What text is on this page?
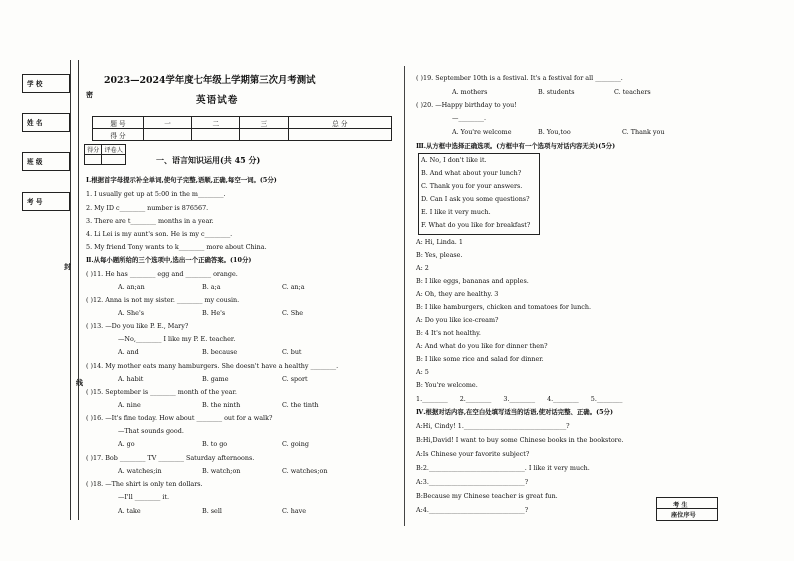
学 校
姓 名
班 级
考 号
密
封
线
2023—2024学年度七年级上学期第三次月考测试
英语试卷
题 号	一	二	三	总 分
得 分				
得分	评卷人

一、语言知识运用(共 45 分)
Ⅰ.根据首字母提示补全单词,使句子完整,语顺,正确,每空一词。(5分)
1. I usually get up at 5:00 in the m________.
2. My ID c________ number is 876567.
3. There are t________ months in a year.
4. Li Lei is my aunt's son. He is my c________.
5. My friend Tony wants to k________ more about China.
Ⅱ.从每小题所给的三个选项中,选出一个正确答案。(10分)
( )11. He has ________ egg and ________ orange.
A. an;an	B. a;a	C. an;a
( )12. Anna is not my sister. ________ my cousin.
A. She's	B. He's	C. She
( )13. —Do you like P. E., Mary?
—No,________ I like my P. E. teacher.
A. and	B. because	C. but
( )14. My mother eats many hamburgers. She doesn't have a healthy ________.
A. habit	B. game	C. sport
( )15. September is ________ month of the year.
A. nine	B. the ninth	C. the tinth
( )16. —It's fine today. How about ________ out for a walk?
—That sounds good.
A. go	B. to go	C. going
( )17. Bob ________ TV ________ Saturday afternoons.
A. watches;in	B. watch;on	C. watches;on
( )18. —The shirt is only ten dollars.
—I'll ________ it.
A. take	B. sell	C. have
( )19. September 10th is a festival. It's a festival for all ________.
A. mothers	B. students	C. teachers
( )20. —Happy birthday to you!
—________.
A. You're welcome	B. You,too	C. Thank you
Ⅲ.从方框中选择正确选项。(方框中有一个选项与对话内容无关)(5分)
A. No, I don't like it.
B. And what about your lunch?
C. Thank you for your answers.
D. Can I ask you some questions?
E. I like it very much.
F. What do you like for breakfast?
A: Hi, Linda. 1
B: Yes, please.
A: 2
B: I like eggs, bananas and apples.
A: Oh, they are healthy. 3
B: I like hamburgers, chicken and tomatoes for lunch.
A: Do you like ice-cream?
B: 4 It's not healthy.
A: And what do you like for dinner then?
B: I like some rice and salad for dinner.
A: 5
B: You're welcome.
1.________ 2.________ 3.________ 4.________ 5.________
Ⅳ.根据对话内容,在空白处填写适当的话语,使对话完整、正确。(5分)
A:Hi, Cindy! 1.________________________________?
B:Hi,David! I want to buy some Chinese books in the bookstore.
A:Is Chinese your favorite subject?
B:2.______________________________. I like it very much.
A:3.______________________________?
B:Because my Chinese teacher is great fun.
A:4.______________________________?
考 生
座位序号
